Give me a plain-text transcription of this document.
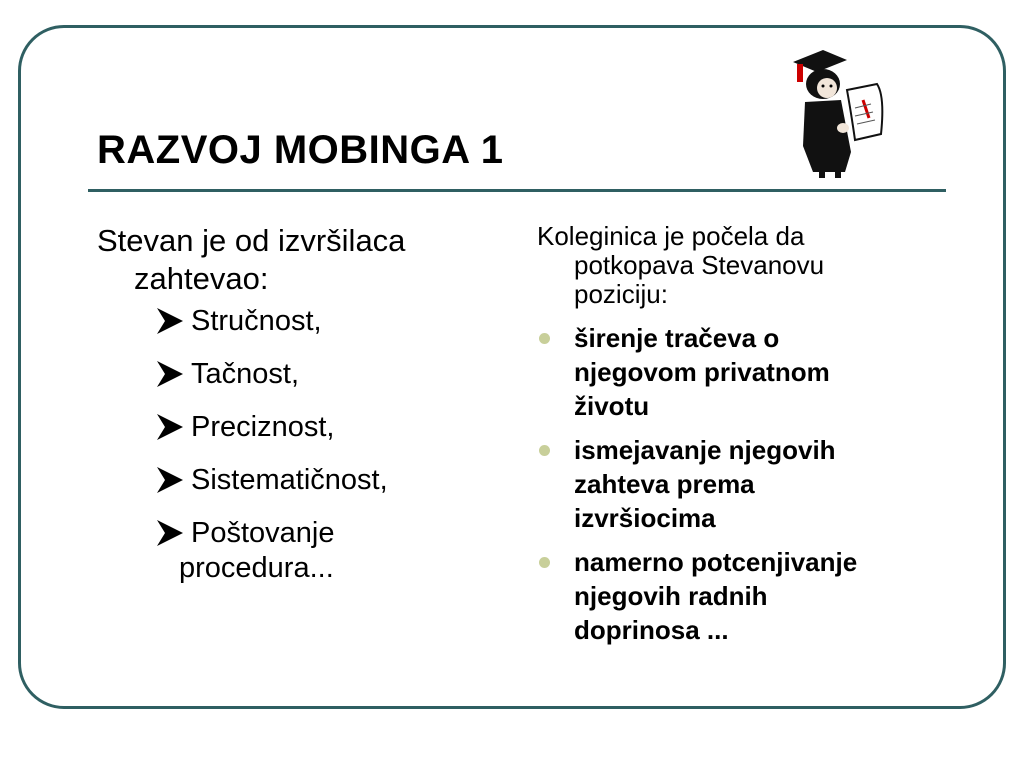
RAZVOJ MOBINGA 1
Stevan je od izvršilaca
zahtevao:
Stručnost,
Tačnost,
Preciznost,
Sistematičnost,
Poštovanje
procedura...
Koleginica je počela da
potkopava Stevanovu
poziciju:
širenje tračeva o
njegovom privatnom
životu
ismejavanje njegovih
zahteva prema
izvršiocima
namerno potcenjivanje
njegovih radnih
doprinosa ...
